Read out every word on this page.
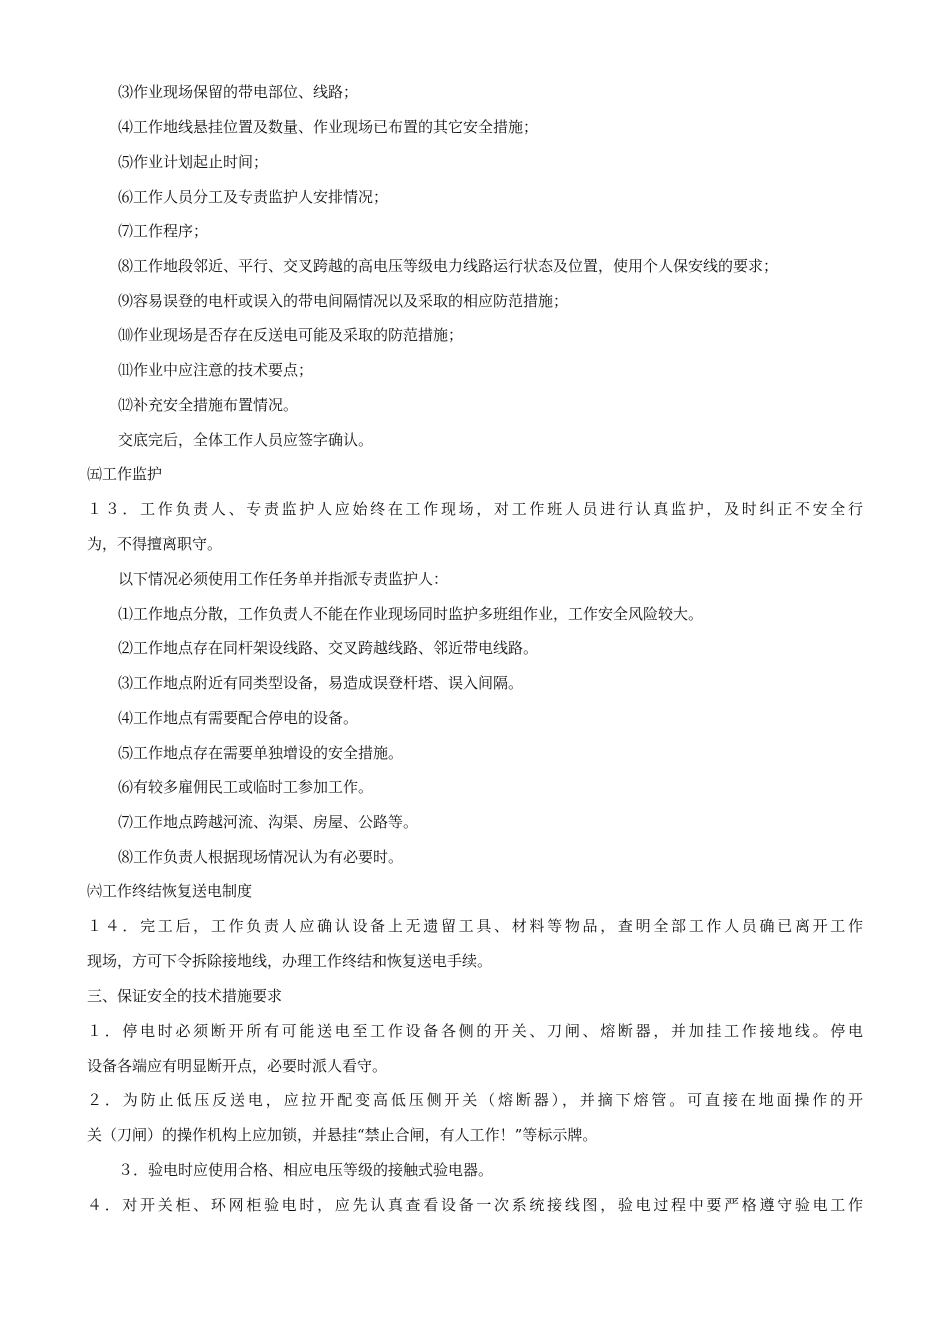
⑶作业现场保留的带电部位、线路；
⑷工作地线悬挂位置及数量、作业现场已布置的其它安全措施；
⑸作业计划起止时间；
⑹工作人员分工及专责监护人安排情况；
⑺工作程序；
⑻工作地段邻近、平行、交叉跨越的高电压等级电力线路运行状态及位置，使用个人保安线的要求；
⑼容易误登的电杆或误入的带电间隔情况以及采取的相应防范措施；
⑽作业现场是否存在反送电可能及采取的防范措施；
⑾作业中应注意的技术要点；
⑿补充安全措施布置情况。
交底完后，全体工作人员应签字确认。
㈤工作监护
１３．工作负责人、专责监护人应始终在工作现场，对工作班人员进行认真监护，及时纠正不安全行
为，不得擅离职守。
以下情况必须使用工作任务单并指派专责监护人：
⑴工作地点分散，工作负责人不能在作业现场同时监护多班组作业，工作安全风险较大。
⑵工作地点存在同杆架设线路、交叉跨越线路、邻近带电线路。
⑶工作地点附近有同类型设备，易造成误登杆塔、误入间隔。
⑷工作地点有需要配合停电的设备。
⑸工作地点存在需要单独增设的安全措施。
⑹有较多雇佣民工或临时工参加工作。
⑺工作地点跨越河流、沟渠、房屋、公路等。
⑻工作负责人根据现场情况认为有必要时。
㈥工作终结恢复送电制度
１４．完工后，工作负责人应确认设备上无遗留工具、材料等物品，查明全部工作人员确已离开工作
现场，方可下令拆除接地线，办理工作终结和恢复送电手续。
三、保证安全的技术措施要求
１．停电时必须断开所有可能送电至工作设备各侧的开关、刀闸、熔断器，并加挂工作接地线。停电
设备各端应有明显断开点，必要时派人看守。
２．为防止低压反送电，应拉开配变高低压侧开关（熔断器），并摘下熔管。可直接在地面操作的开
关（刀闸）的操作机构上应加锁，并悬挂“禁止合闸，有人工作！”等标示牌。
３．验电时应使用合格、相应电压等级的接触式验电器。
４．对开关柜、环网柜验电时，应先认真查看设备一次系统接线图，验电过程中要严格遵守验电工作
